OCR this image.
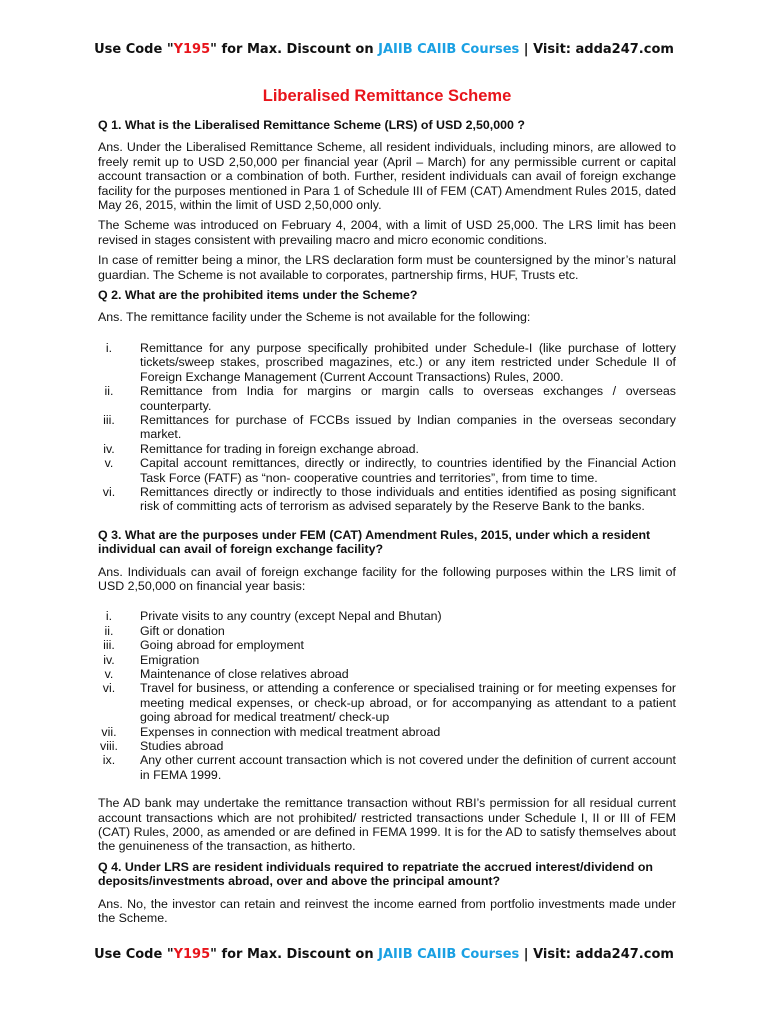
Use Code "Y195" for Max. Discount on JAIIB CAIIB Courses | Visit: adda247.com
Liberalised Remittance Scheme
Q 1. What is the Liberalised Remittance Scheme (LRS) of USD 2,50,000 ?

Ans. Under the Liberalised Remittance Scheme, all resident individuals, including minors, are allowed to freely remit up to USD 2,50,000 per financial year (April – March) for any permissible current or capital account transaction or a combination of both. Further, resident individuals can avail of foreign exchange facility for the purposes mentioned in Para 1 of Schedule III of FEM (CAT) Amendment Rules 2015, dated May 26, 2015, within the limit of USD 2,50,000 only.

The Scheme was introduced on February 4, 2004, with a limit of USD 25,000. The LRS limit has been revised in stages consistent with prevailing macro and micro economic conditions.

In case of remitter being a minor, the LRS declaration form must be countersigned by the minor’s natural guardian. The Scheme is not available to corporates, partnership firms, HUF, Trusts etc.

Q 2. What are the prohibited items under the Scheme?

Ans. The remittance facility under the Scheme is not available for the following:

i.	Remittance for any purpose specifically prohibited under Schedule-I (like purchase of lottery tickets/sweep stakes, proscribed magazines, etc.) or any item restricted under Schedule II of Foreign Exchange Management (Current Account Transactions) Rules, 2000.
ii.	Remittance from India for margins or margin calls to overseas exchanges / overseas counterparty.
iii.	Remittances for purchase of FCCBs issued by Indian companies in the overseas secondary market.
iv.	Remittance for trading in foreign exchange abroad.
v.	Capital account remittances, directly or indirectly, to countries identified by the Financial Action Task Force (FATF) as “non- cooperative countries and territories”, from time to time.
vi.	Remittances directly or indirectly to those individuals and entities identified as posing significant risk of committing acts of terrorism as advised separately by the Reserve Bank to the banks.
Q 3. What are the purposes under FEM (CAT) Amendment Rules, 2015, under which a resident individual can avail of foreign exchange facility?

Ans. Individuals can avail of foreign exchange facility for the following purposes within the LRS limit of USD 2,50,000 on financial year basis:

i.	Private visits to any country (except Nepal and Bhutan)
ii.	Gift or donation
iii.	Going abroad for employment
iv.	Emigration
v.	Maintenance of close relatives abroad
vi.	Travel for business, or attending a conference or specialised training or for meeting expenses for meeting medical expenses, or check-up abroad, or for accompanying as attendant to a patient going abroad for medical treatment/ check-up
vii. Expenses in connection with medical treatment abroad
viii. Studies abroad
ix.	Any other current account transaction which is not covered under the definition of current account in FEMA 1999.

The AD bank may undertake the remittance transaction without RBI’s permission for all residual current account transactions which are not prohibited/ restricted transactions under Schedule I, II or III of FEM (CAT) Rules, 2000, as amended or are defined in FEMA 1999. It is for the AD to satisfy themselves about the genuineness of the transaction, as hitherto.

Q 4. Under LRS are resident individuals required to repatriate the accrued interest/dividend on deposits/investments abroad, over and above the principal amount?

Ans. No, the investor can retain and reinvest the income earned from portfolio investments made under the Scheme.

Use Code "Y195" for Max. Discount on JAIIB CAIIB Courses | Visit: adda247.com
